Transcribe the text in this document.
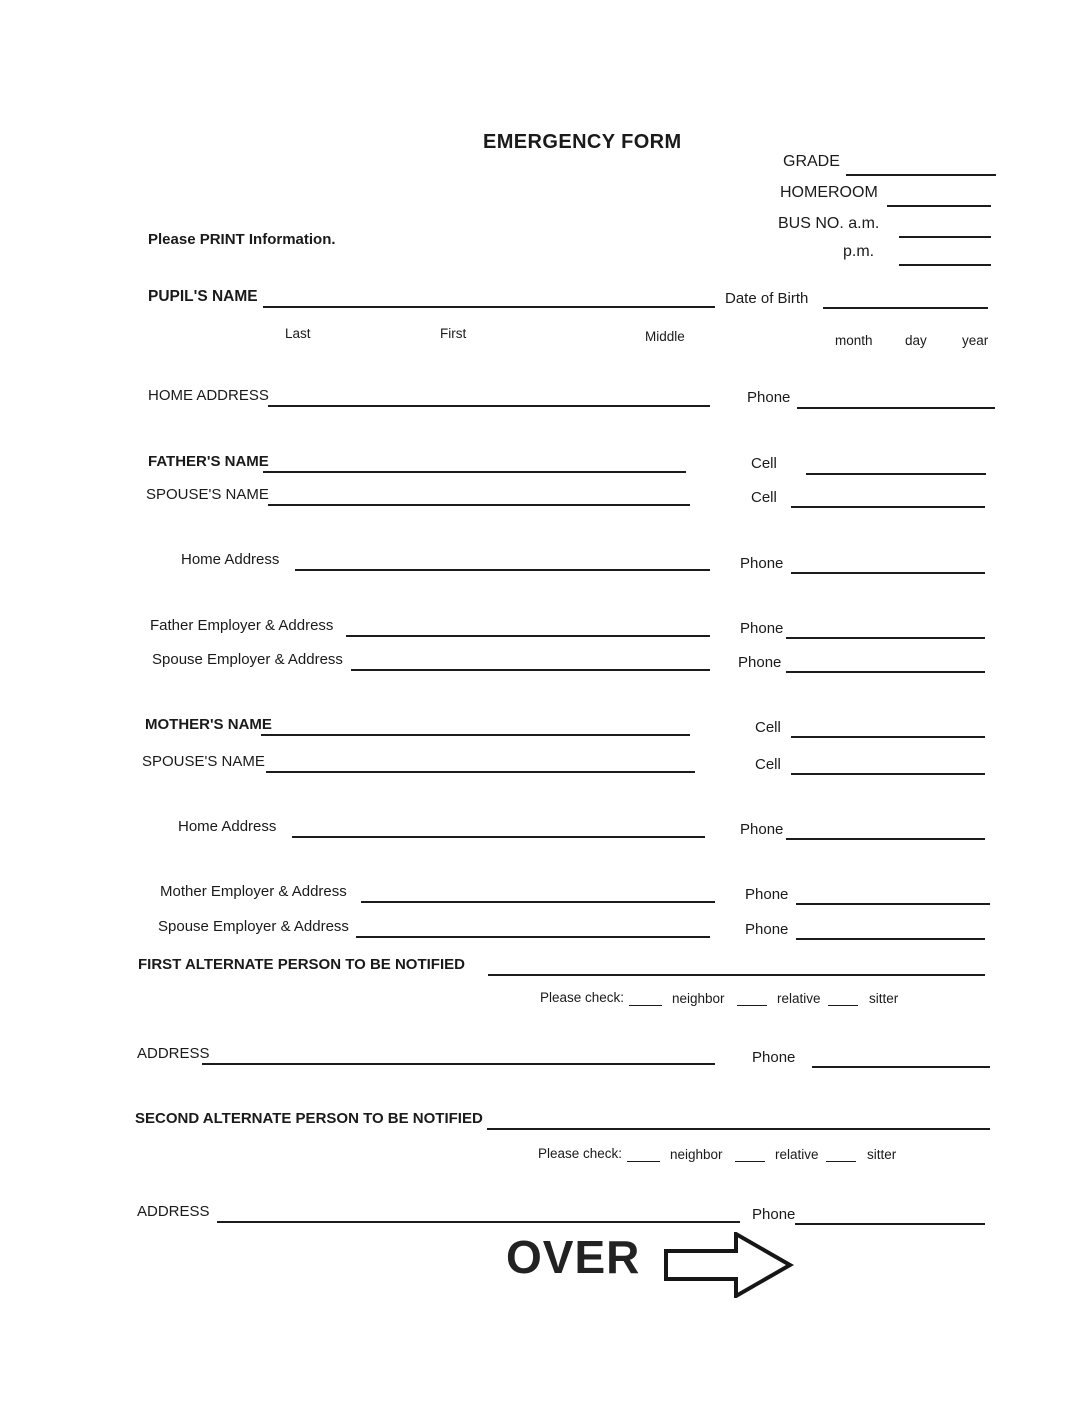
EMERGENCY FORM
GRADE
HOMEROOM
BUS NO. a.m.
p.m.
Please PRINT Information.
PUPIL'S NAME	Date of Birth
Last	First	Middle	month day	year
HOME ADDRESS	Phone
FATHER'S NAME	Cell
SPOUSE'S NAME	Cell
Home Address	Phone
Father Employer & Address	Phone
Spouse Employer & Address	Phone
MOTHER'S NAME	Cell
SPOUSE'S NAME	Cell
Home Address	Phone
Mother Employer & Address	Phone
Spouse Employer & Address	Phone
FIRST ALTERNATE PERSON TO BE NOTIFIED
Please check:	neighbor	relative	sitter
ADDRESS	Phone
SECOND ALTERNATE PERSON TO BE NOTIFIED
Please check:	neighbor	relative	sitter
ADDRESS	Phone
OVER
